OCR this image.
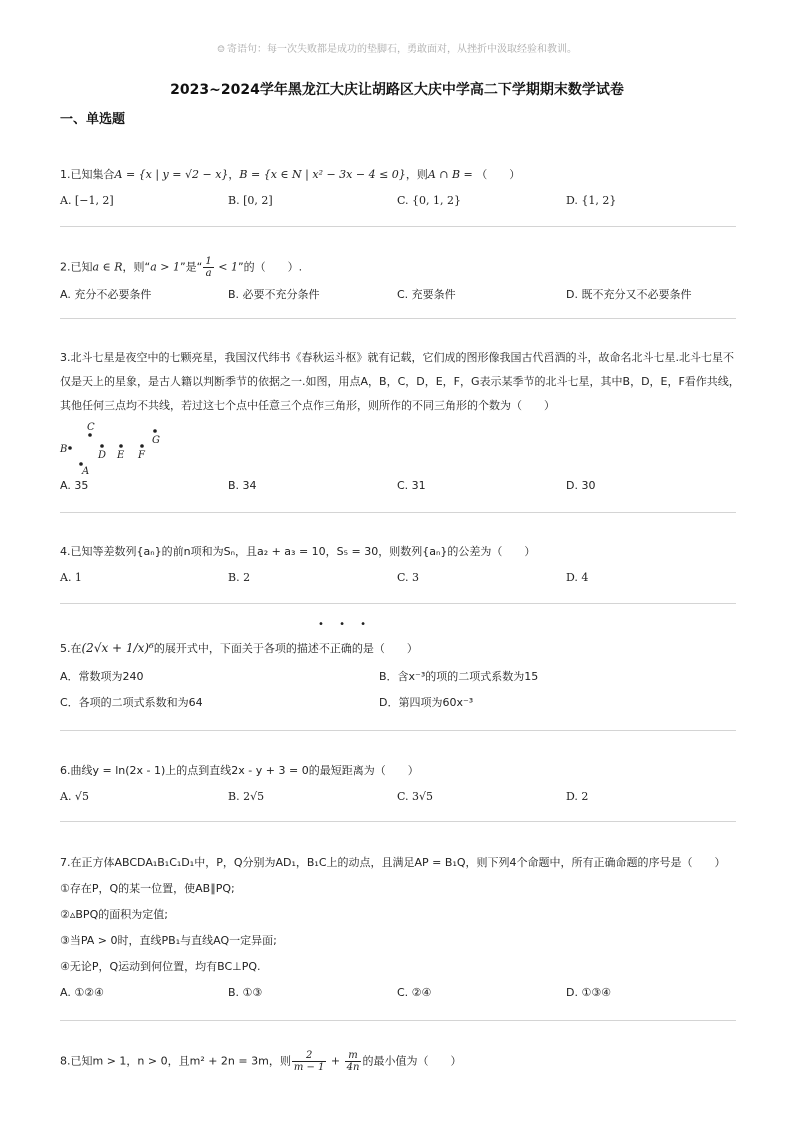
☺ 寄语句：每一次失败都是成功的垫脚石，勇敢面对，从挫折中汲取经验和教训。
2023~2024学年黑龙江大庆让胡路区大庆中学高二下学期期末数学试卷
一、单选题
1.已知集合A = {x | y = √2 − x}，B = {x ∈ N | x² − 3x − 4 ≤ 0}，则A ∩ B = （　　）
A. [−1, 2]	B. [0, 2]	C. {0, 1, 2}	D. {1, 2}
2.已知a ∈ R，则“a > 1”是“ $\frac{1}{a} < 1$”的（　　）.
A. 充分不必要条件	B. 必要不充分条件	C. 充要条件	D. 既不充分又不必要条件
3.北斗七星是夜空中的七颗亮星，我国汉代纬书《春秋运斗枢》就有记载，它们成的图形像我国古代舀酒的斗，故命名北斗七星.北斗七星不仅是天上的星象，是古人籍以判断季节的依据之一.如图，用点A，B，C，D，E，F，G表示某季节的北斗七星，其中B，D，E，F看作共线，其他任何三点均不共线，若过这七个点中任意三个点作三角形，则所作的不同三角形的个数为（　　）
B
C
A
D E F
G
A. 35	B. 34	C. 31	D. 30
4.已知等差数列{aₙ}的前n项和为Sₙ，且a₂ + a₃ = 10，S₅ = 30，则数列{aₙ}的公差为（　　）
A. 1	B. 2	C. 3	D. 4
5.在(2√x + 1/x)⁶的展开式中，下面关于各项的描述不正确的是（　　）
A．常数项为240	B．含x⁻³的项的二项式系数为15
C．各项的二项式系数和为64	D．第四项为60x⁻³
• • •
6.曲线y = ln(2x - 1)上的点到直线2x - y + 3 = 0的最短距离为（　　）
A. √5	B. 2√5	C. 3√5	D. 2
7.在正方体ABCDA₁B₁C₁D₁中，P，Q分别为AD₁，B₁C上的动点，且满足AP = B₁Q，则下列4个命题中，所有正确命题的序号是（　　）
①存在P，Q的某一位置，使AB∥PQ;
②▵BPQ的面积为定值;
③当PA > 0时，直线PB₁与直线AQ一定异面;
④无论P，Q运动到何位置，均有BC⊥PQ.
A. ①②④	B. ①③	C. ②④	D. ①③④
8.已知m > 1，n > 0，且m² + 2n = 3m，则 $\frac{2}{m - 1} + \frac{m}{4n}$ 的最小值为（　　）
